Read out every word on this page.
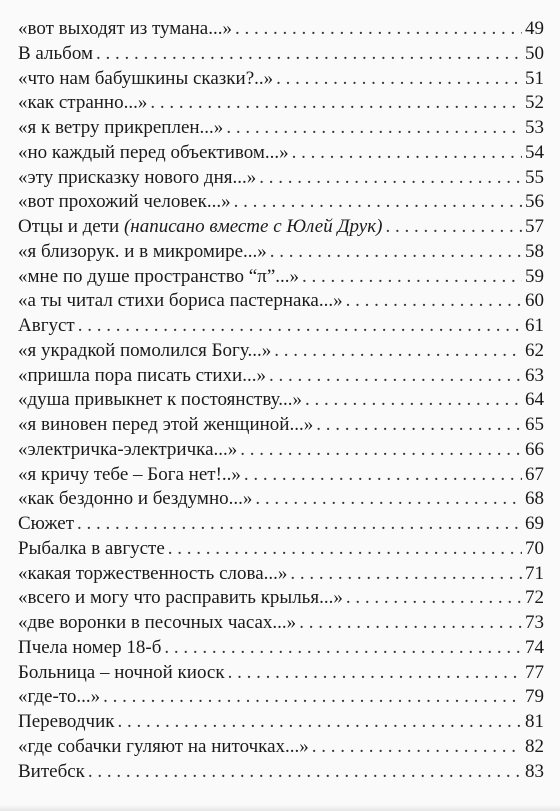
«вот выходят из тумана...» . . .	49
В альбом . . .	50
«что нам бабушкины сказки?..» . . .	51
«как странно...» . . .	52
«я к ветру прикреплен...» . . .	53
«но каждый перед объективом...» . . .	54
«эту присказку нового дня...» . . .	55
«вот прохожий человек...» . . .	56
Отцы и дети (написано вместе с Юлей Друк) . . .	57
«я близорук. и в микромире...» . . .	58
«мне по душе пространство “π”...» . . .	59
«а ты читал стихи бориса пастернака...» . . .	60
Август . . .	61
«я украдкой помолился Богу...» . . .	62
«пришла пора писать стихи...» . . .	63
«душа привыкнет к постоянству...» . . .	64
«я виновен перед этой женщиной...» . . .	65
«электричка-электричка...» . . .	66
«я кричу тебе – Бога нет!..» . . .	67
«как бездонно и бездумно...» . . .	68
Сюжет . . .	69
Рыбалка в августе . . .	70
«какая торжественность слова...» . . .	71
«всего и могу что расправить крылья...» . . .	72
«две воронки в песочных часах...» . . .	73
Пчела номер 18-б . . .	74
Больница – ночной киоск . . .	77
«где-то...» . . .	79
Переводчик . . .	81
«где собачки гуляют на ниточках...» . . .	82
Витебск . . .	83
